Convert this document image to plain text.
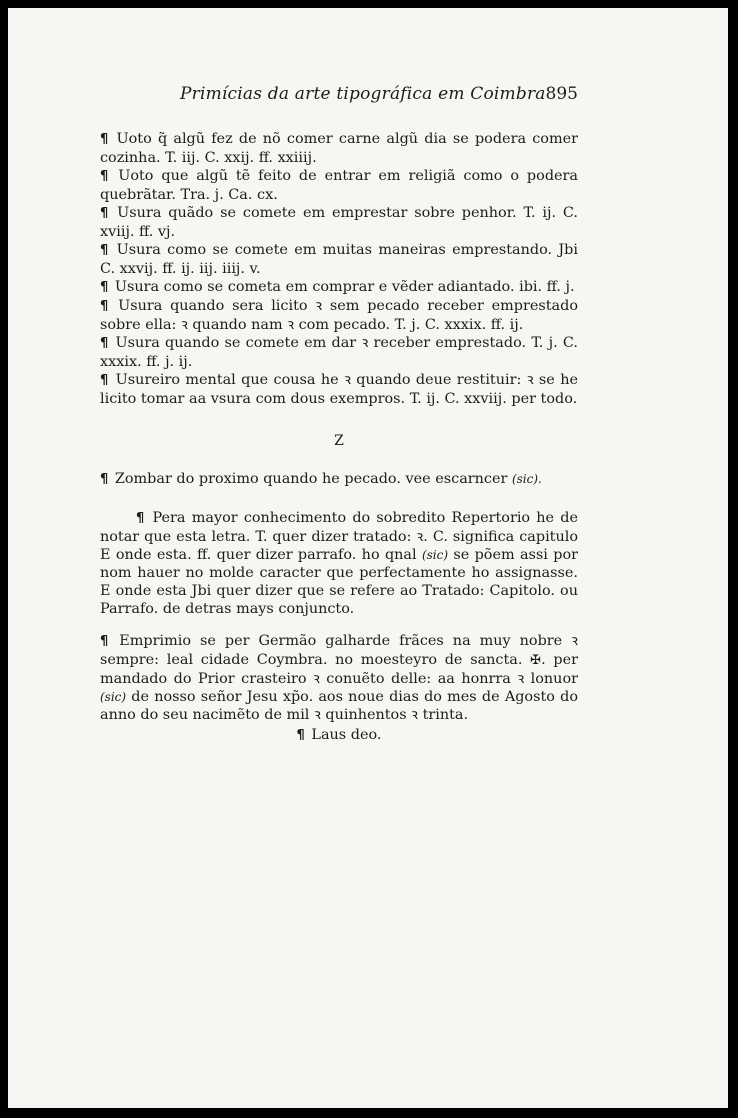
Primícias da arte tipográfica em Coimbra 895

¶ Uoto q̃ algũ fez de nõ comer carne algũ dia se podera comer cozinha. T. iij. C. xxij. ff. xxiiij.

¶ Uoto que algũ tẽ feito de entrar em religiã como o podera quebrãtar. Tra. j. Ca. cx.

¶ Usura quãdo se comete em emprestar sobre penhor. T. ij. C. xviij. ff. vj.

¶ Usura como se comete em muitas maneiras emprestando. Jbi C. xxvij. ff. ij. iij. iiij. v.

¶ Usura como se cometa em comprar e vẽder adiantado. ibi. ff. j.

¶ Usura quando sera licito ꝛ sem pecado receber emprestado sobre ella: ꝛ quando nam ꝛ com pecado. T. j. C. xxxix. ff. ij.

¶ Usura quando se comete em dar ꝛ receber emprestado. T. j. C. xxxix. ff. j. ij.

¶ Usureiro mental que cousa he ꝛ quando deue restituir: ꝛ se he licito tomar aa vsura com dous exempros. T. ij. C. xxviij. per todo.

Z

¶ Zombar do proximo quando he pecado. vee escarncer (sic).

¶ Pera mayor conhecimento do sobredito Repertorio he de notar que esta letra. T. quer dizer tratado: ꝛ. C. significa capitulo E onde esta. ff. quer dizer parrafo. ho qnal (sic) se põem assi por nom hauer no molde caracter que perfectamente ho assignasse. E onde esta Jbi quer dizer que se refere ao Tratado: Capitolo. ou Parrafo. de detras mays conjuncto.

¶ Emprimio se per Germão galharde frãces na muy nobre ꝛ sempre: leal cidade Coymbra. no moesteyro de sancta. ✠. per mandado do Prior crasteiro ꝛ conuẽto delle: aa honrra ꝛ lonuor (sic) de nosso señor Jesu xp̃o. aos noue dias do mes de Agosto do anno do seu nacimẽto de mil ꝛ quinhentos ꝛ trinta.

¶ Laus deo.
